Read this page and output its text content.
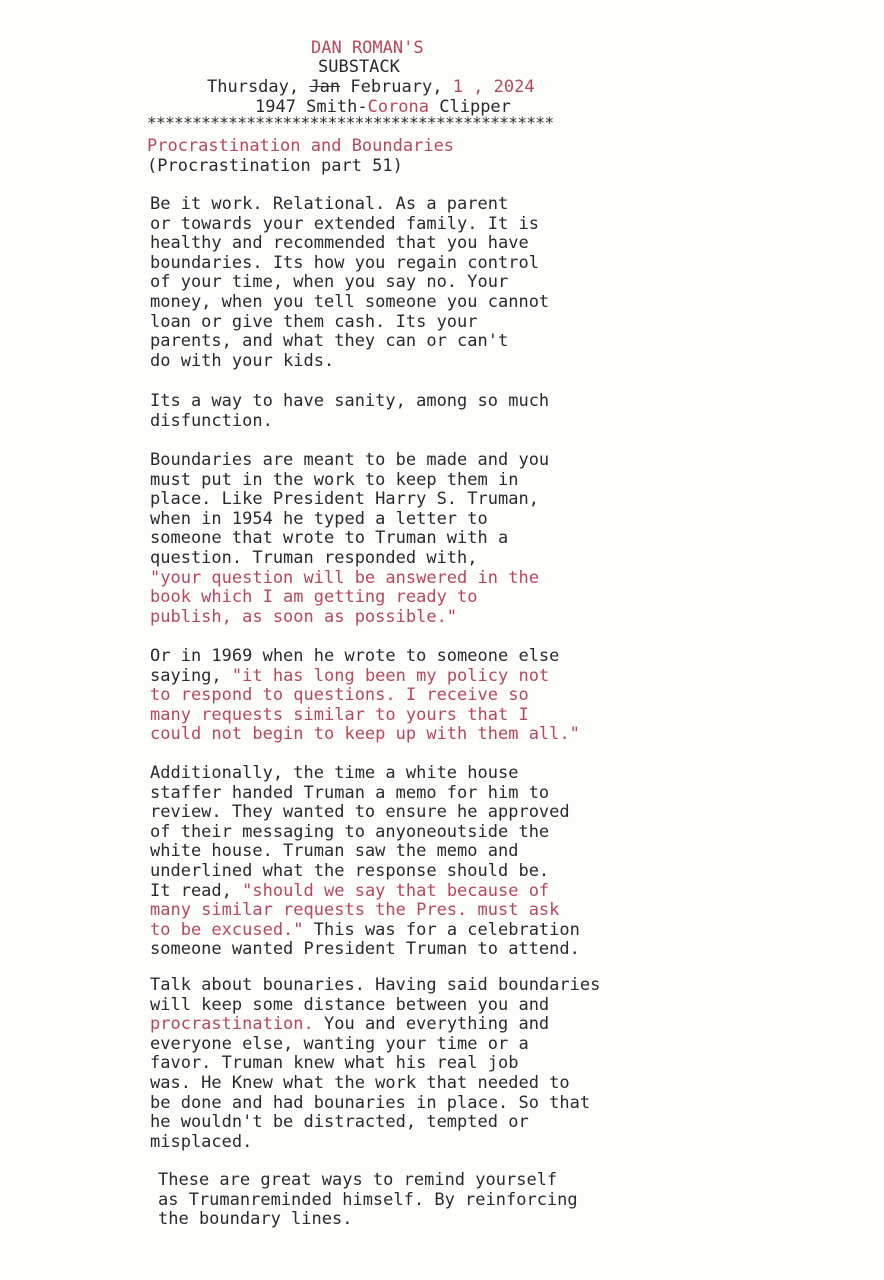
DAN ROMAN'S
SUBSTACK
Thursday, Jan February, 1 , 2024
1947 Smith-Corona Clipper
*********************************************
Procrastination and Boundaries
(Procrastination part 51)
Be it work. Relational. As a parent
or towards your extended family. It is
healthy and recommended that you have
boundaries. Its how you regain control
of your time, when you say no. Your
money, when you tell someone you cannot
loan or give them cash. Its your
parents, and what they can or can't
do with your kids.
Its a way to have sanity, among so much
disfunction.
Boundaries are meant to be made and you
must put in the work to keep them in
place. Like President Harry S. Truman,
when in 1954 he typed a letter to
someone that wrote to Truman with a
question. Truman responded with,
"your question will be answered in the
book which I am getting ready to
publish, as soon as possible."
Or in 1969 when he wrote to someone else
saying, "it has long been my policy not
to respond to questions. I receive so
many requests similar to yours that I
could not begin to keep up with them all."
Additionally, the time a white house
staffer handed Truman a memo for him to
review. They wanted to ensure he approved
of their messaging to anyoneoutside the
white house. Truman saw the memo and
underlined what the response should be.
It read, "should we say that because of
many similar requests the Pres. must ask
to be excused." This was for a celebration
someone wanted President Truman to attend.
Talk about bounaries. Having said boundaries
will keep some distance between you and
procrastination. You and everything and
everyone else, wanting your time or a
favor. Truman knew what his real job
was. He Knew what the work that needed to
be done and had bounaries in place. So that
he wouldn't be distracted, tempted or
misplaced.
These are great ways to remind yourself
as Trumanreminded himself. By reinforcing
the boundary lines.
